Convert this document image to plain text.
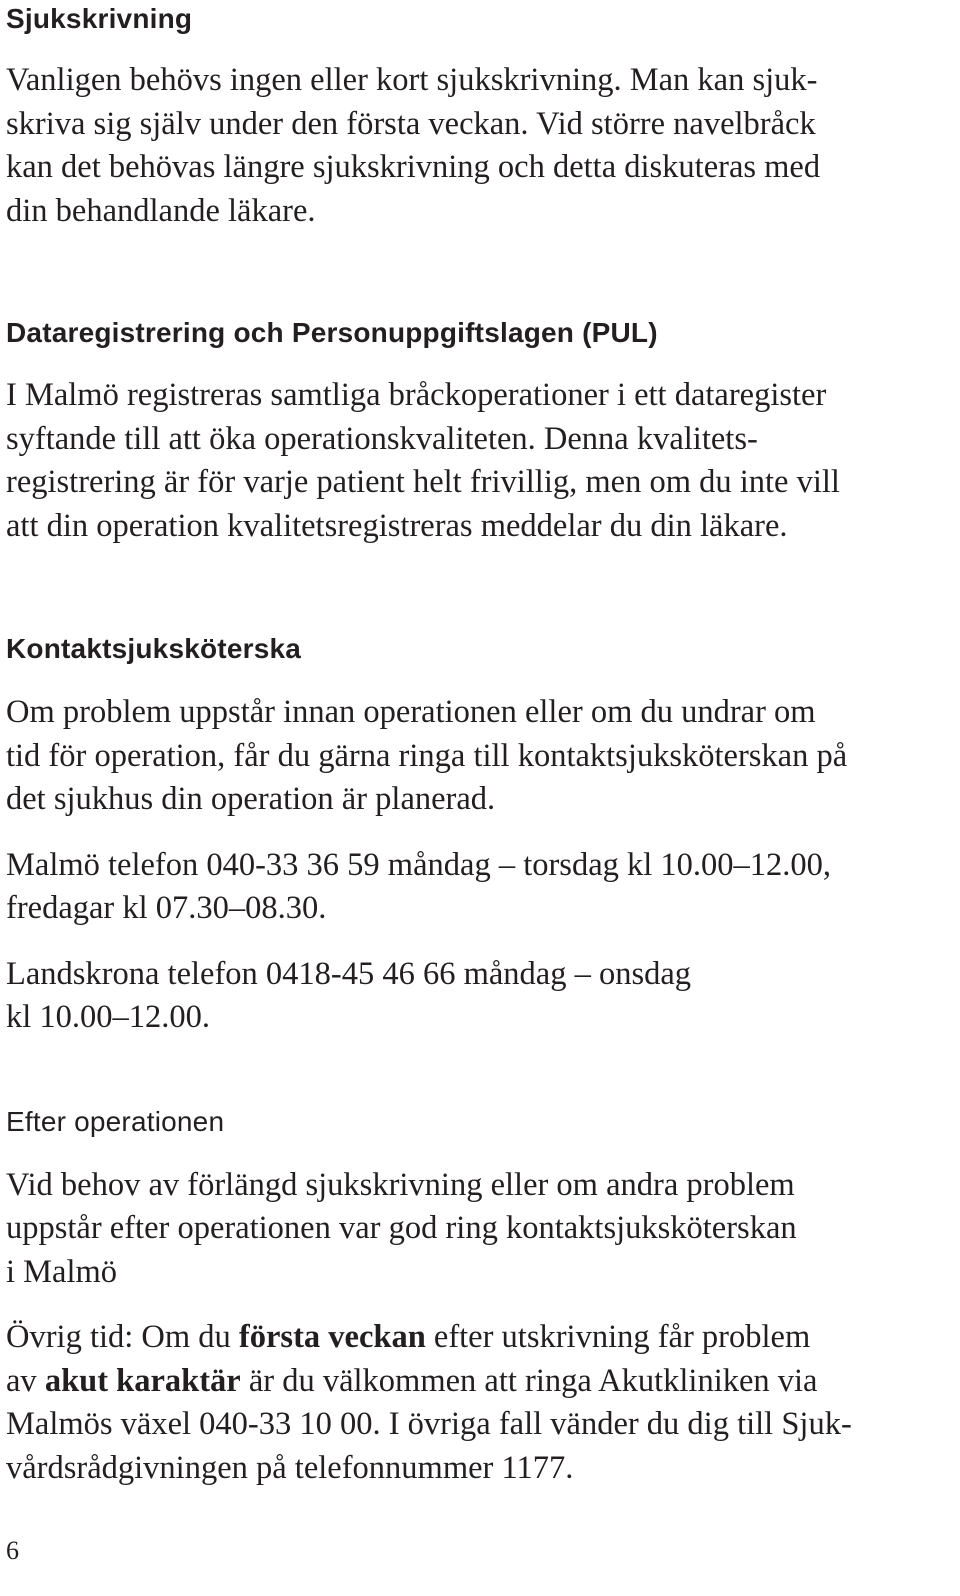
Sjukskrivning

Vanligen behövs ingen eller kort sjukskrivning. Man kan sjuk-
skriva sig själv under den första veckan. Vid större navelbråck
kan det behövas längre sjukskrivning och detta diskuteras med
din behandlande läkare.

Dataregistrering och Personuppgiftslagen (PUL)

I Malmö registreras samtliga bråckoperationer i ett dataregister
syftande till att öka operationskvaliteten. Denna kvalitets-
registrering är för varje patient helt frivillig, men om du inte vill
att din operation kvalitetsregistreras meddelar du din läkare.

Kontaktsjuksköterska

Om problem uppstår innan operationen eller om du undrar om
tid för operation, får du gärna ringa till kontaktsjuksköterskan på
det sjukhus din operation är planerad.

Malmö telefon 040-33 36 59 måndag – torsdag kl 10.00–12.00,
fredagar kl 07.30–08.30.

Landskrona telefon 0418-45 46 66 måndag – onsdag
kl 10.00–12.00.

Efter operationen

Vid behov av förlängd sjukskrivning eller om andra problem
uppstår efter operationen var god ring kontaktsjuksköterskan
i Malmö

Övrig tid: Om du första veckan efter utskrivning får problem
av akut karaktär är du välkommen att ringa Akutkliniken via
Malmös växel 040-33 10 00. I övriga fall vänder du dig till Sjuk-
vårdsrådgivningen på telefonnummer 1177.

6
